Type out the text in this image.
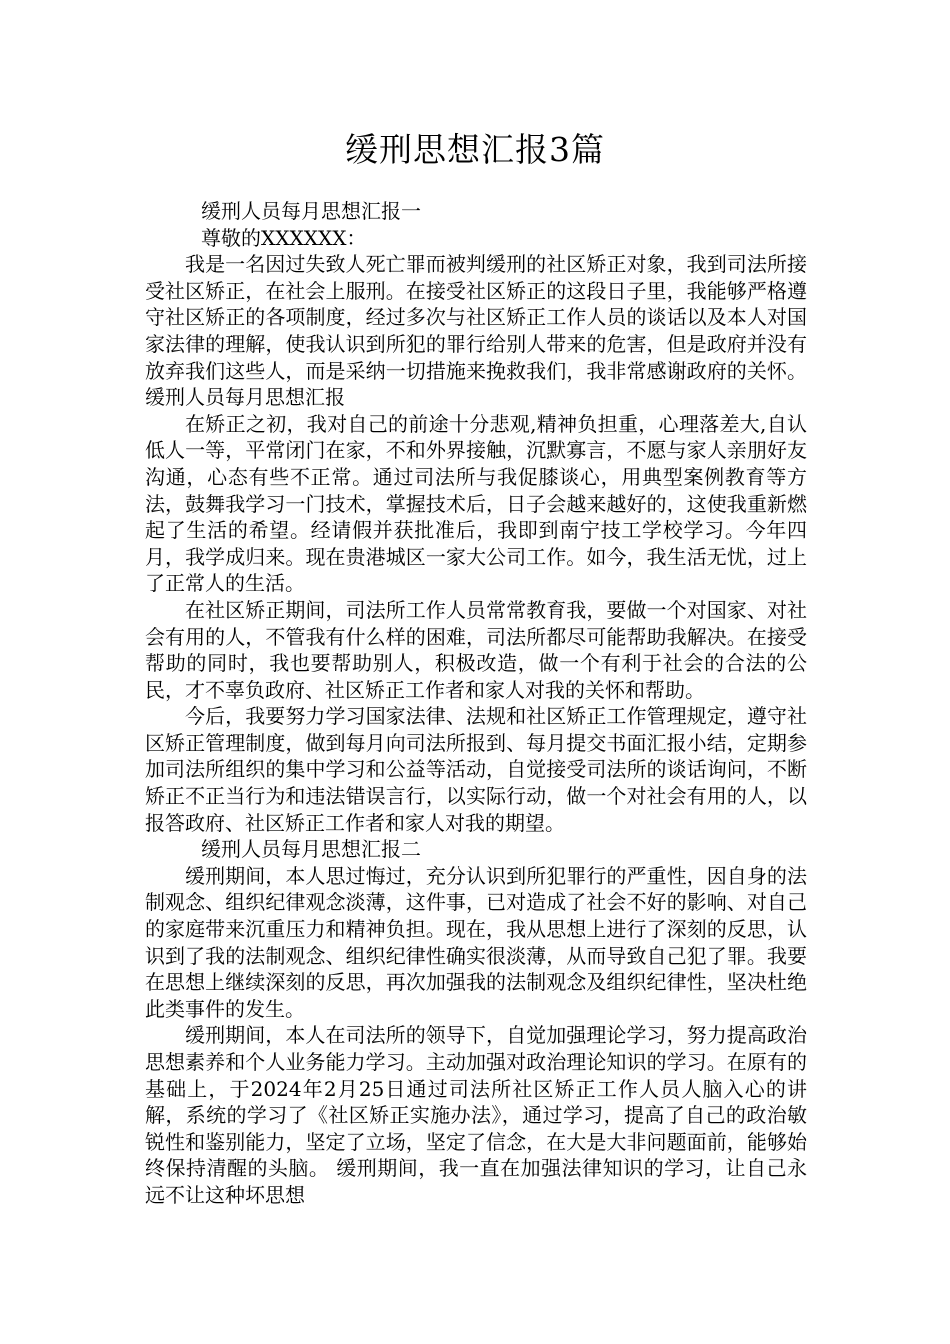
缓刑思想汇报3篇

缓刑人员每月思想汇报一

尊敬的XXXXXX：

我是一名因过失致人死亡罪而被判缓刑的社区矫正对象，我到司法所接受社区矫正，在社会上服刑。在接受社区矫正的这段日子里，我能够严格遵守社区矫正的各项制度，经过多次与社区矫正工作人员的谈话以及本人对国家法律的理解，使我认识到所犯的罪行给别人带来的危害，但是政府并没有放弃我们这些人，而是采纳一切措施来挽救我们，我非常感谢政府的关怀。缓刑人员每月思想汇报

在矫正之初，我对自己的前途十分悲观,精神负担重，心理落差大,自认低人一等，平常闭门在家，不和外界接触，沉默寡言，不愿与家人亲朋好友沟通，心态有些不正常。通过司法所与我促膝谈心，用典型案例教育等方法，鼓舞我学习一门技术，掌握技术后，日子会越来越好的，这使我重新燃起了生活的希望。经请假并获批准后，我即到南宁技工学校学习。今年四月，我学成归来。现在贵港城区一家大公司工作。如今，我生活无忧，过上了正常人的生活。

在社区矫正期间，司法所工作人员常常教育我，要做一个对国家、对社会有用的人，不管我有什么样的困难，司法所都尽可能帮助我解决。在接受帮助的同时，我也要帮助别人，积极改造，做一个有利于社会的合法的公民，才不辜负政府、社区矫正工作者和家人对我的关怀和帮助。

今后，我要努力学习国家法律、法规和社区矫正工作管理规定，遵守社区矫正管理制度，做到每月向司法所报到、每月提交书面汇报小结，定期参加司法所组织的集中学习和公益等活动，自觉接受司法所的谈话询问，不断矫正不正当行为和违法错误言行，以实际行动，做一个对社会有用的人，以报答政府、社区矫正工作者和家人对我的期望。

缓刑人员每月思想汇报二

缓刑期间，本人思过悔过，充分认识到所犯罪行的严重性，因自身的法制观念、组织纪律观念淡薄，这件事，已对造成了社会不好的影响、对自己的家庭带来沉重压力和精神负担。现在，我从思想上进行了深刻的反思，认识到了我的法制观念、组织纪律性确实很淡薄，从而导致自己犯了罪。我要在思想上继续深刻的反思，再次加强我的法制观念及组织纪律性，坚决杜绝此类事件的发生。

缓刑期间，本人在司法所的领导下，自觉加强理论学习，努力提高政治思想素养和个人业务能力学习。主动加强对政治理论知识的学习。在原有的基础上，于2024年2月25日通过司法所社区矫正工作人员人脑入心的讲解，系统的学习了《社区矫正实施办法》，通过学习，提高了自己的政治敏锐性和鉴别能力，坚定了立场，坚定了信念，在大是大非问题面前，能够始终保持清醒的头脑。 缓刑期间，我一直在加强法律知识的学习，让自己永远不让这种坏思想
